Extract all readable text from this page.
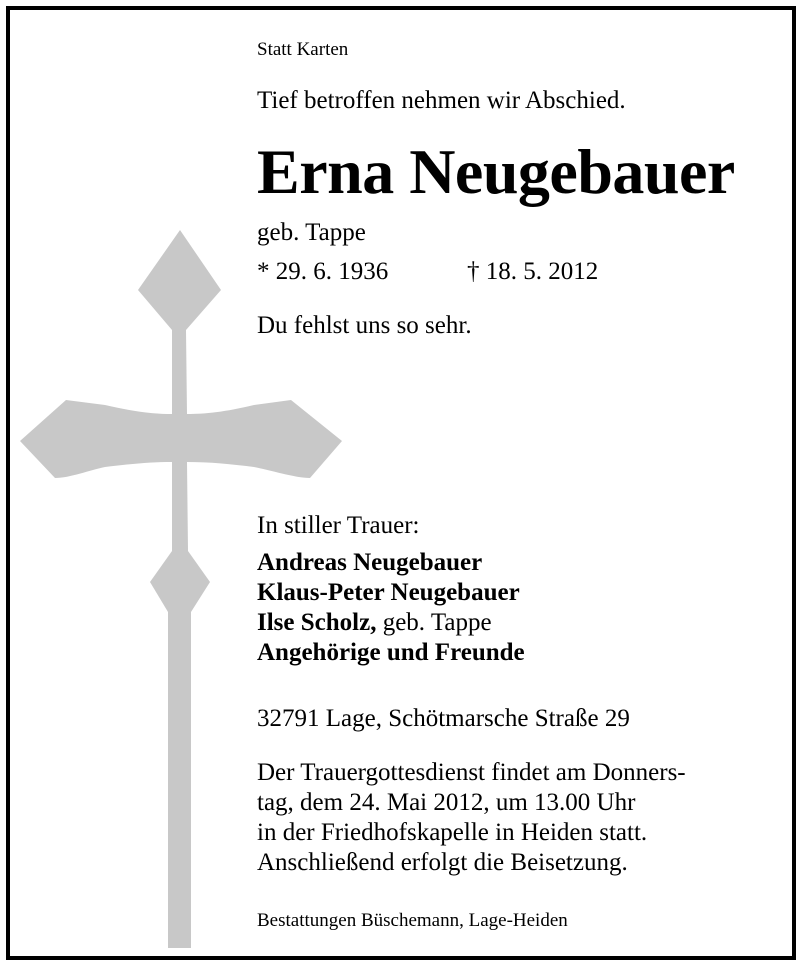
Statt Karten
Tief betroffen nehmen wir Abschied.
Erna Neugebauer
geb. Tappe
* 29. 6. 1936	† 18. 5. 2012
Du fehlst uns so sehr.
In stiller Trauer:
Andreas Neugebauer
Klaus-Peter Neugebauer
Ilse Scholz, geb. Tappe
Angehörige und Freunde
32791 Lage, Schötmarsche Straße 29
Der Trauergottesdienst findet am Donners-
tag, dem 24. Mai 2012, um 13.00 Uhr
in der Friedhofskapelle in Heiden statt.
Anschließend erfolgt die Beisetzung.
Bestattungen Büschemann, Lage-Heiden
